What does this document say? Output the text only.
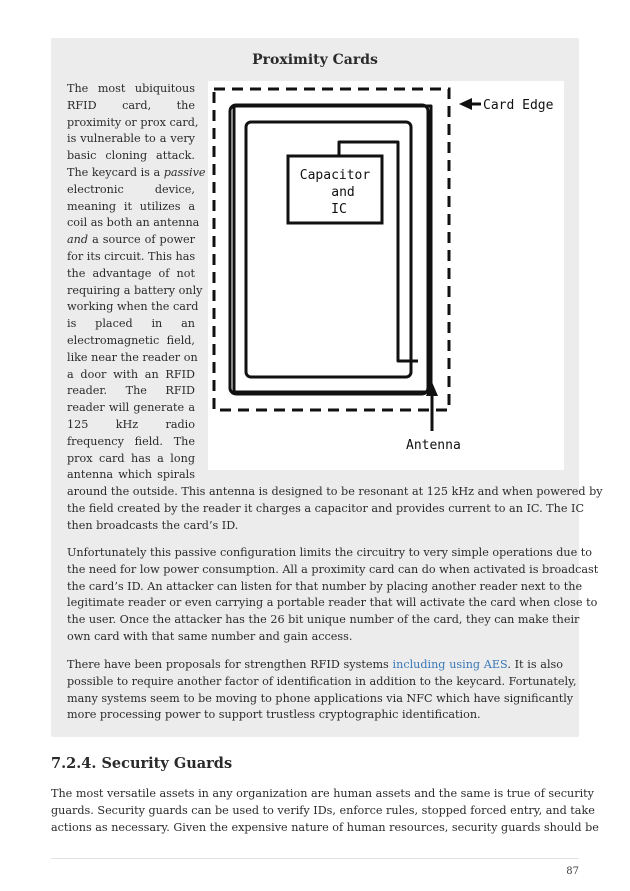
Proximity Cards
The most ubiquitous
RFID card, the
proximity or prox card,
is vulnerable to a very
basic cloning attack.
The keycard is a passive
electronic device,
meaning it utilizes a
coil as both an antenna
and a source of power
for its circuit. This has
the advantage of not
requiring a battery only
working when the card
is placed in an
electromagnetic field,
like near the reader on
a door with an RFID
reader. The RFID
reader will generate a
125 kHz radio
frequency field. The
prox card has a long
antenna which spirals
Capacitor
and
IC
Card Edge
Antenna
around the outside. This antenna is designed to be resonant at 125 kHz and when powered by
the field created by the reader it charges a capacitor and provides current to an IC. The IC
then broadcasts the card’s ID.
Unfortunately this passive configuration limits the circuitry to very simple operations due to
the need for low power consumption. All a proximity card can do when activated is broadcast
the card’s ID. An attacker can listen for that number by placing another reader next to the
legitimate reader or even carrying a portable reader that will activate the card when close to
the user. Once the attacker has the 26 bit unique number of the card, they can make their
own card with that same number and gain access.
There have been proposals for strengthen RFID systems including using AES. It is also
possible to require another factor of identification in addition to the keycard. Fortunately,
many systems seem to be moving to phone applications via NFC which have significantly
more processing power to support trustless cryptographic identification.
7.2.4. Security Guards
The most versatile assets in any organization are human assets and the same is true of security
guards. Security guards can be used to verify IDs, enforce rules, stopped forced entry, and take
actions as necessary. Given the expensive nature of human resources, security guards should be
87
